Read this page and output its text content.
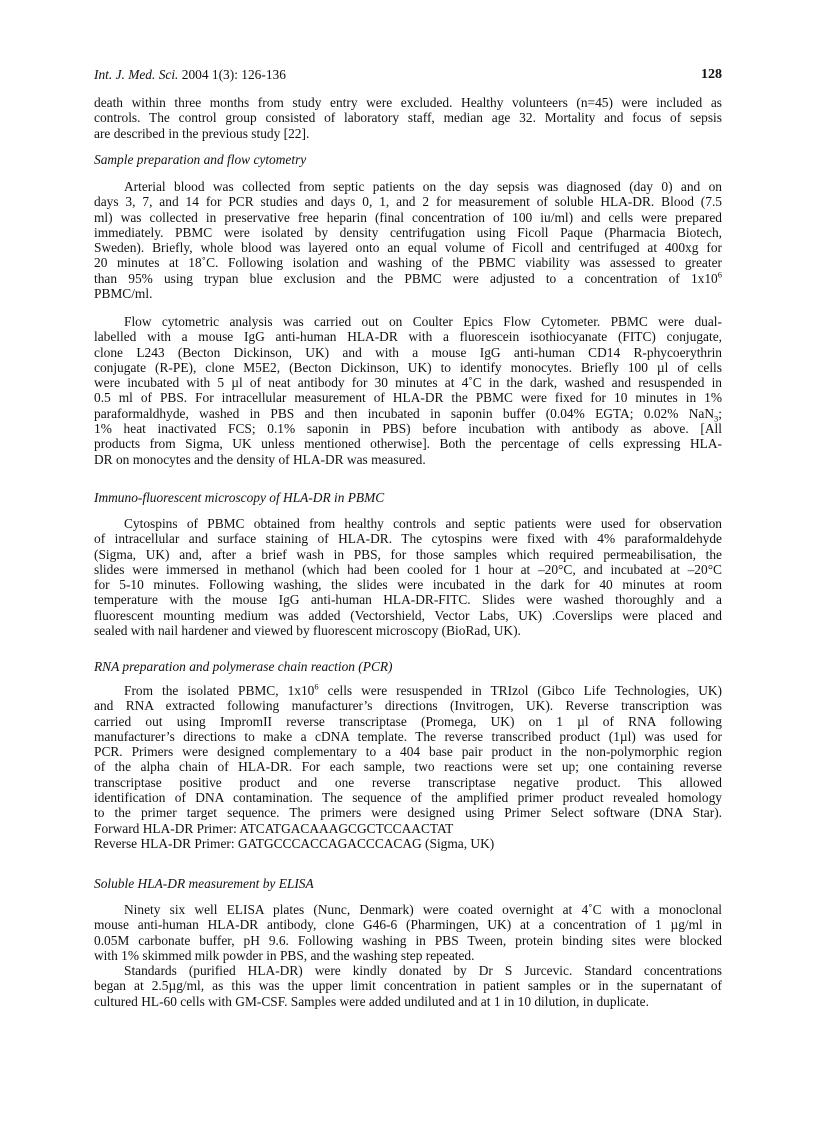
Int. J. Med. Sci. 2004 1(3): 126-136	128
death within three months from study entry were excluded. Healthy volunteers (n=45) were included as
controls. The control group consisted of laboratory staff, median age 32. Mortality and focus of sepsis
are described in the previous study [22].
Sample preparation and flow cytometry
Arterial blood was collected from septic patients on the day sepsis was diagnosed (day 0) and on
days 3, 7, and 14 for PCR studies and days 0, 1, and 2 for measurement of soluble HLA-DR. Blood (7.5
ml) was collected in preservative free heparin (final concentration of 100 iu/ml) and cells were prepared
immediately. PBMC were isolated by density centrifugation using Ficoll Paque (Pharmacia Biotech,
Sweden). Briefly, whole blood was layered onto an equal volume of Ficoll and centrifuged at 400xg for
20 minutes at 18˚C. Following isolation and washing of the PBMC viability was assessed to greater
than 95% using trypan blue exclusion and the PBMC were adjusted to a concentration of $1x10^6$
PBMC/ml.
Flow cytometric analysis was carried out on Coulter Epics Flow Cytometer. PBMC were dual-
labelled with a mouse IgG anti-human HLA-DR with a fluorescein isothiocyanate (FITC) conjugate,
clone L243 (Becton Dickinson, UK) and with a mouse IgG anti-human CD14 R-phycoerythrin
conjugate (R-PE), clone M5E2, (Becton Dickinson, UK) to identify monocytes. Briefly 100 µl of cells
were incubated with 5 µl of neat antibody for 30 minutes at 4˚C in the dark, washed and resuspended in
0.5 ml of PBS. For intracellular measurement of HLA-DR the PBMC were fixed for 10 minutes in 1%
paraformaldhyde, washed in PBS and then incubated in saponin buffer (0.04% EGTA; 0.02% NaN$_3$;
1% heat inactivated FCS; 0.1% saponin in PBS) before incubation with antibody as above. [All
products from Sigma, UK unless mentioned otherwise]. Both the percentage of cells expressing HLA-
DR on monocytes and the density of HLA-DR was measured.
Immuno-fluorescent microscopy of HLA-DR in PBMC
Cytospins of PBMC obtained from healthy controls and septic patients were used for observation
of intracellular and surface staining of HLA-DR. The cytospins were fixed with 4% paraformaldehyde
(Sigma, UK) and, after a brief wash in PBS, for those samples which required permeabilisation, the
slides were immersed in methanol (which had been cooled for 1 hour at –20°C, and incubated at –20°C
for 5-10 minutes. Following washing, the slides were incubated in the dark for 40 minutes at room
temperature with the mouse IgG anti-human HLA-DR-FITC. Slides were washed thoroughly and a
fluorescent mounting medium was added (Vectorshield, Vector Labs, UK) .Coverslips were placed and
sealed with nail hardener and viewed by fluorescent microscopy (BioRad, UK).
RNA preparation and polymerase chain reaction (PCR)
From the isolated PBMC, $1x10^6$ cells were resuspended in TRIzol (Gibco Life Technologies, UK)
and RNA extracted following manufacturer’s directions (Invitrogen, UK). Reverse transcription was
carried out using ImpromII reverse transcriptase (Promega, UK) on 1 µl of RNA following
manufacturer’s directions to make a cDNA template. The reverse transcribed product (1µl) was used for
PCR. Primers were designed complementary to a 404 base pair product in the non-polymorphic region
of the alpha chain of HLA-DR. For each sample, two reactions were set up; one containing reverse
transcriptase positive product and one reverse transcriptase negative product. This allowed
identification of DNA contamination. The sequence of the amplified primer product revealed homology
to the primer target sequence. The primers were designed using Primer Select software (DNA Star).
Forward HLA-DR Primer: ATCATGACAAAGCGCTCCAACTAT
Reverse HLA-DR Primer: GATGCCCACCAGACCCACAG (Sigma, UK)
Soluble HLA-DR measurement by ELISA
Ninety six well ELISA plates (Nunc, Denmark) were coated overnight at 4˚C with a monoclonal
mouse anti-human HLA-DR antibody, clone G46-6 (Pharmingen, UK) at a concentration of 1 µg/ml in
0.05M carbonate buffer, pH 9.6. Following washing in PBS Tween, protein binding sites were blocked
with 1% skimmed milk powder in PBS, and the washing step repeated.
Standards (purified HLA-DR) were kindly donated by Dr S Jurcevic. Standard concentrations
began at 2.5µg/ml, as this was the upper limit concentration in patient samples or in the supernatant of
cultured HL-60 cells with GM-CSF. Samples were added undiluted and at 1 in 10 dilution, in duplicate.
